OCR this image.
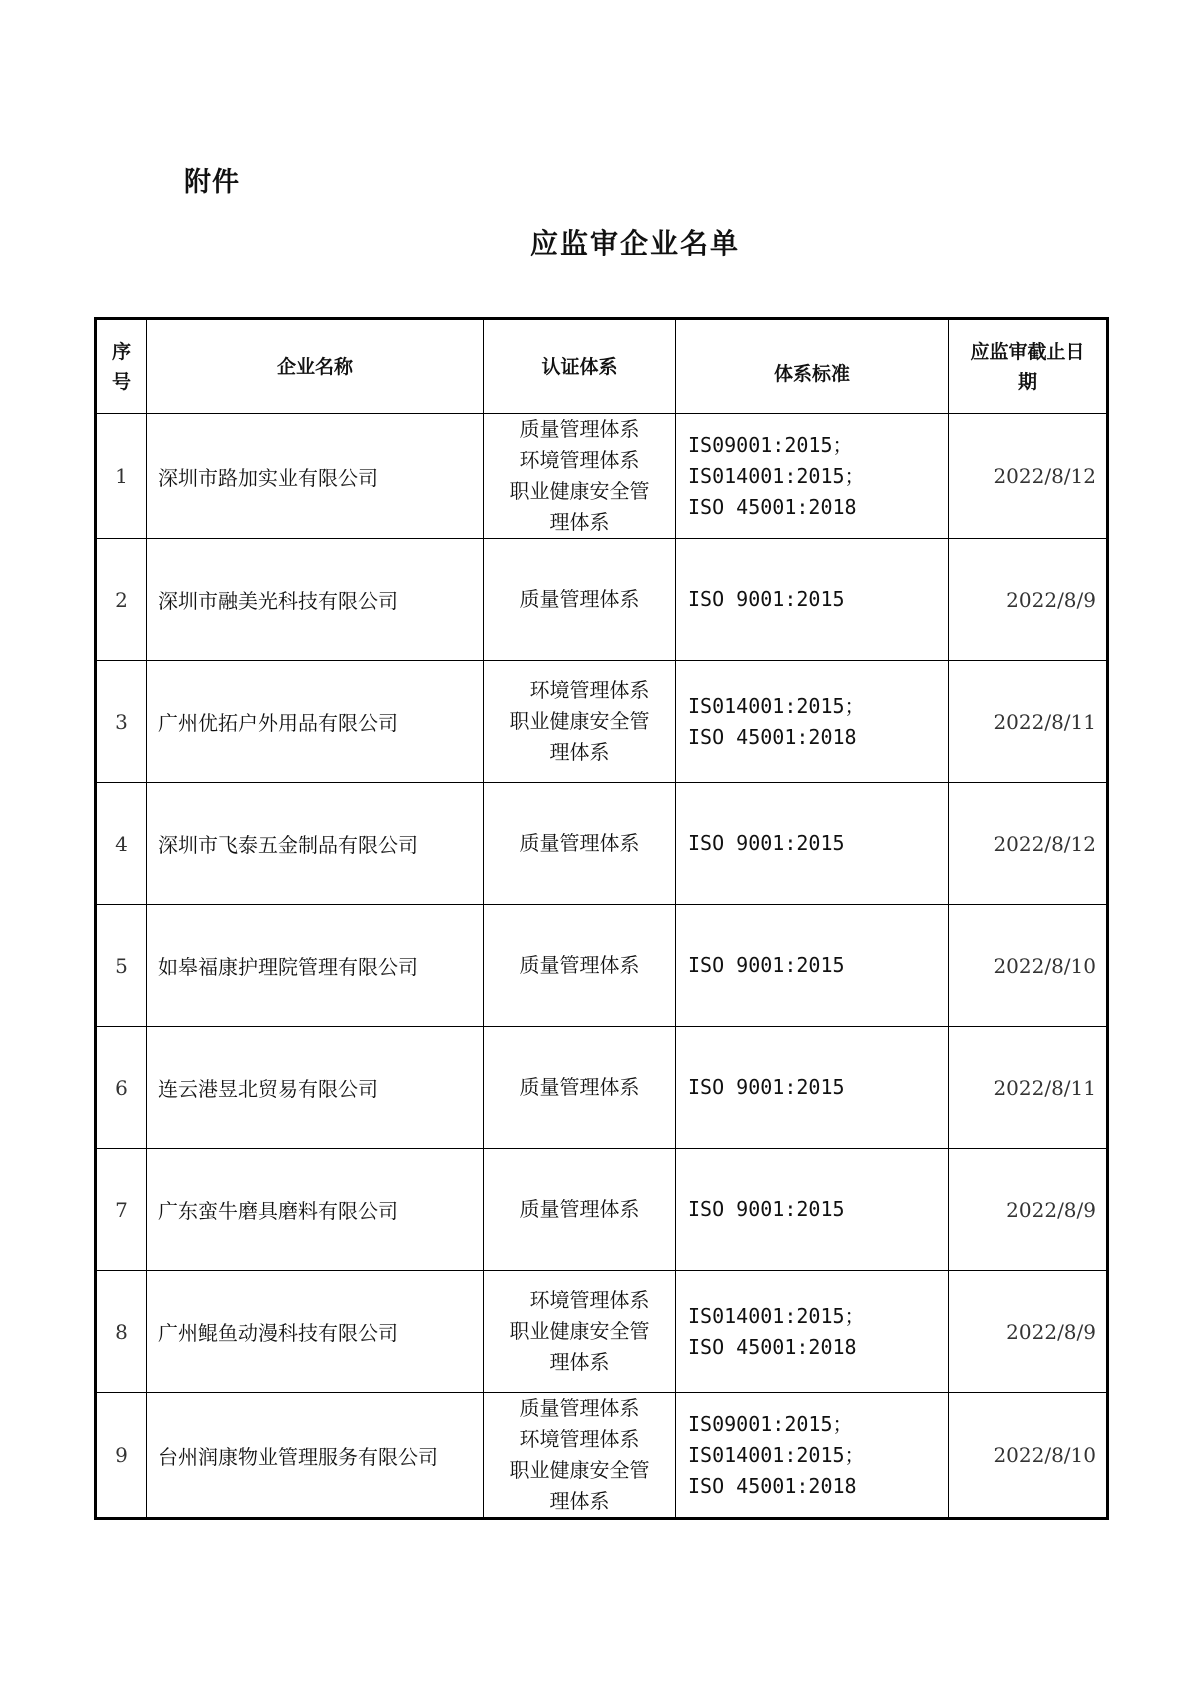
附件
应监审企业名单
序
号	企业名称	认证体系	体系标准	应监审截止日
期

1	深圳市路加实业有限公司	质量管理体系
环境管理体系
职业健康安全管
理体系	IS09001:2015；
IS014001:2015；
ISO 45001:2018	2022/8/12
2	深圳市融美光科技有限公司	质量管理体系	ISO 9001:2015	2022/8/9
3	广州优拓户外用品有限公司	　环境管理体系
职业健康安全管
理体系	IS014001:2015；
ISO 45001:2018	2022/8/11
4	深圳市飞泰五金制品有限公司	质量管理体系	ISO 9001:2015	2022/8/12
5	如皋福康护理院管理有限公司	质量管理体系	ISO 9001:2015	2022/8/10
6	连云港昱北贸易有限公司	质量管理体系	ISO 9001:2015	2022/8/11
7	广东蛮牛磨具磨料有限公司	质量管理体系	ISO 9001:2015	2022/8/9
8	广州鲲鱼动漫科技有限公司	　环境管理体系
职业健康安全管
理体系	IS014001:2015；
ISO 45001:2018	2022/8/9
9	台州润康物业管理服务有限公司	质量管理体系
环境管理体系
职业健康安全管
理体系	IS09001:2015；
IS014001:2015；
ISO 45001:2018	2022/8/10
